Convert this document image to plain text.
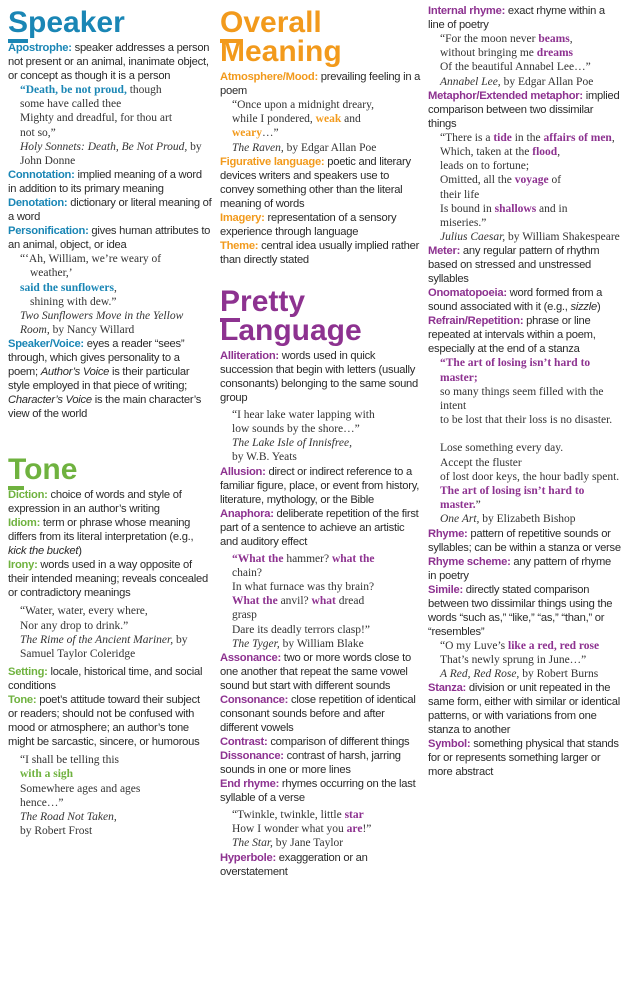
Speaker

Apostrophe: speaker addresses a person not present or an animal, inanimate object, or concept as though it is a person

“Death, be not proud, though
some have called thee
Mighty and dreadful, for thou art
not so,”
Holy Sonnets: Death, Be Not Proud, by John Donne

Connotation: implied meaning of a word in addition to its primary meaning

Denotation: dictionary or literal meaning of a word

Personification: gives human attributes to an animal, object, or idea

“‘Ah, William, we’re weary of
weather,’
said the sunflowers,
shining with dew.”
Two Sunflowers Move in the Yellow Room, by Nancy Willard

Speaker/Voice: eyes a reader “sees” through, which gives personality to a poem; Author’s Voice is their particular style employed in that piece of writing; Character’s Voice is the main character’s view of the world

Tone

Diction: choice of words and style of expression in an author’s writing

Idiom: term or phrase whose meaning differs from its literal interpretation (e.g., kick the bucket)

Irony: words used in a way opposite of their intended meaning; reveals concealed or contradictory meanings

“Water, water, every where,
Nor any drop to drink.”
The Rime of the Ancient Mariner, by Samuel Taylor Coleridge

Setting: locale, historical time, and social conditions

Tone: poet’s attitude toward their subject or readers; should not be confused with mood or atmosphere; an author’s tone might be sarcastic, sincere, or humorous

“I shall be telling this
with a sigh
Somewhere ages and ages
hence…”
The Road Not Taken,
by Robert Frost
Overall
Meaning

Atmosphere/Mood: prevailing feeling in a poem

“Once upon a midnight dreary,
while I pondered, weak and
weary…”
The Raven, by Edgar Allan Poe

Figurative language: poetic and literary devices writers and speakers use to convey something other than the literal meaning of words

Imagery: representation of a sensory experience through language

Theme: central idea usually implied rather than directly stated

Pretty
Language

Alliteration: words used in quick succession that begin with letters (usually consonants) belonging to the same sound group

“I hear lake water lapping with
low sounds by the shore…”
The Lake Isle of Innisfree,
by W.B. Yeats

Allusion: direct or indirect reference to a familiar figure, place, or event from history, literature, mythology, or the Bible

Anaphora: deliberate repetition of the first part of a sentence to achieve an artistic and auditory effect

“What the hammer? what the
chain?
In what furnace was thy brain?
What the anvil? what dread
grasp
Dare its deadly terrors clasp!”
The Tyger, by William Blake

Assonance: two or more words close to one another that repeat the same vowel sound but start with different sounds

Consonance: close repetition of identical consonant sounds before and after different vowels

Contrast: comparison of different things

Dissonance: contrast of harsh, jarring sounds in one or more lines

End rhyme: rhymes occurring on the last syllable of a verse

“Twinkle, twinkle, little star
How I wonder what you are!”
The Star, by Jane Taylor

Hyperbole: exaggeration or an overstatement

Internal rhyme: exact rhyme within a line of poetry

“For the moon never beams,
without bringing me dreams
Of the beautiful Annabel Lee…”
Annabel Lee, by Edgar Allan Poe

Metaphor/Extended metaphor: implied comparison between two dissimilar things

“There is a tide in the affairs of men,
Which, taken at the flood,
leads on to fortune;
Omitted, all the voyage of
their life
Is bound in shallows and in
miseries.”
Julius Caesar, by William Shakespeare

Meter: any regular pattern of rhythm based on stressed and unstressed syllables

Onomatopoeia: word formed from a sound associated with it (e.g., sizzle)

Refrain/Repetition: phrase or line repeated at intervals within a poem, especially at the end of a stanza

“The art of losing isn’t hard to master;
so many things seem filled with the intent
to be lost that their loss is no disaster.
Lose something every day.
Accept the fluster
of lost door keys, the hour badly spent.
The art of losing isn’t hard to master.”
One Art, by Elizabeth Bishop

Rhyme: pattern of repetitive sounds or syllables; can be within a stanza or verse

Rhyme scheme: any pattern of rhyme in poetry

Simile: directly stated comparison between two dissimilar things using the words “such as,” “like,” “as,” “than,” or “resembles”

“O my Luve’s like a red, red rose
That’s newly sprung in June…”
A Red, Red Rose, by Robert Burns

Stanza: division or unit repeated in the same form, either with similar or identical patterns, or with variations from one stanza to another

Symbol: something physical that stands for or represents something larger or more abstract
